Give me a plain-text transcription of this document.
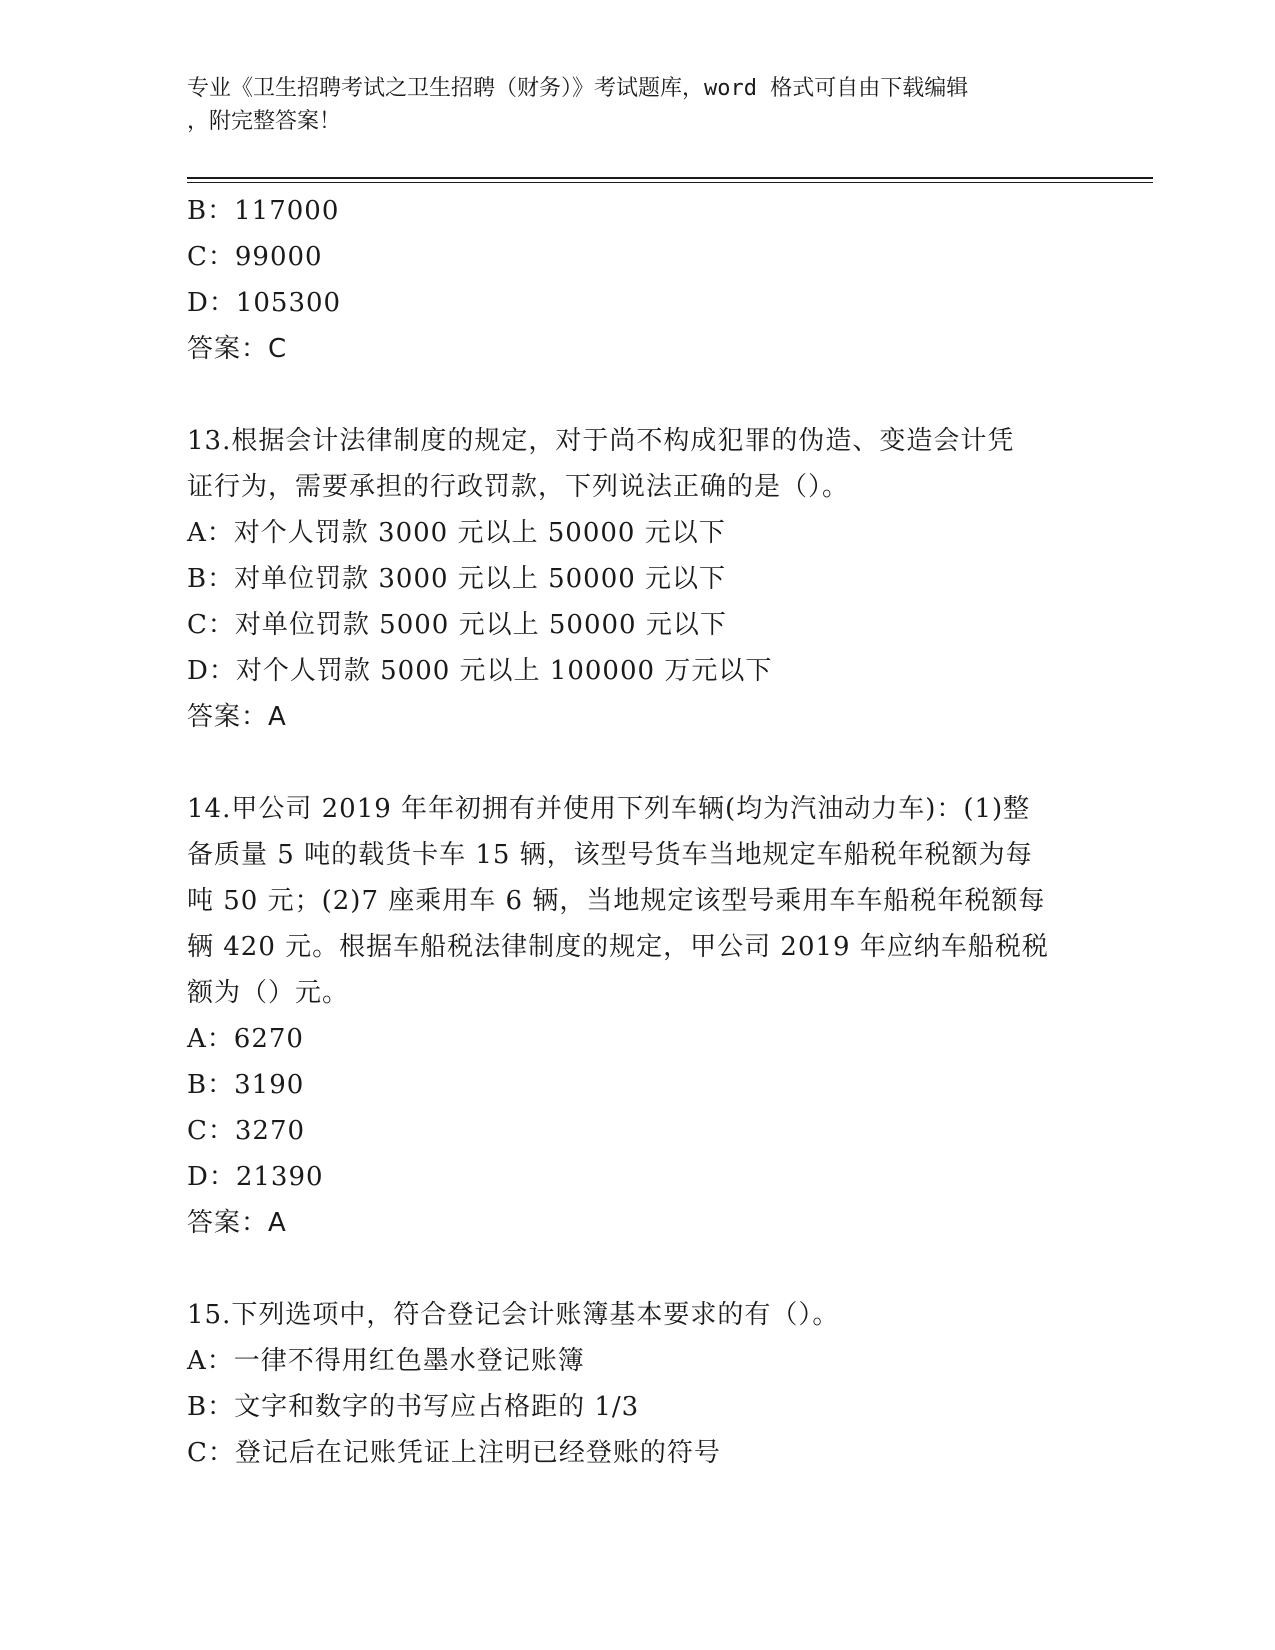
专业《卫生招聘考试之卫生招聘（财务）》考试题库，word 格式可自由下载编辑
，附完整答案！
B：117000
C：99000
D：105300
答案：C
13.根据会计法律制度的规定，对于尚不构成犯罪的伪造、变造会计凭
证行为，需要承担的行政罚款，下列说法正确的是（）。
A：对个人罚款 3000 元以上 50000 元以下
B：对单位罚款 3000 元以上 50000 元以下
C：对单位罚款 5000 元以上 50000 元以下
D：对个人罚款 5000 元以上 100000 万元以下
答案：A
14.甲公司 2019 年年初拥有并使用下列车辆(均为汽油动力车)：(1)整
备质量 5 吨的载货卡车 15 辆，该型号货车当地规定车船税年税额为每
吨 50 元；(2)7 座乘用车 6 辆，当地规定该型号乘用车车船税年税额每
辆 420 元。根据车船税法律制度的规定，甲公司 2019 年应纳车船税税
额为（）元。
A：6270
B：3190
C：3270
D：21390
答案：A
15.下列选项中，符合登记会计账簿基本要求的有（）。
A：一律不得用红色墨水登记账簿
B：文字和数字的书写应占格距的 1/3
C：登记后在记账凭证上注明已经登账的符号
